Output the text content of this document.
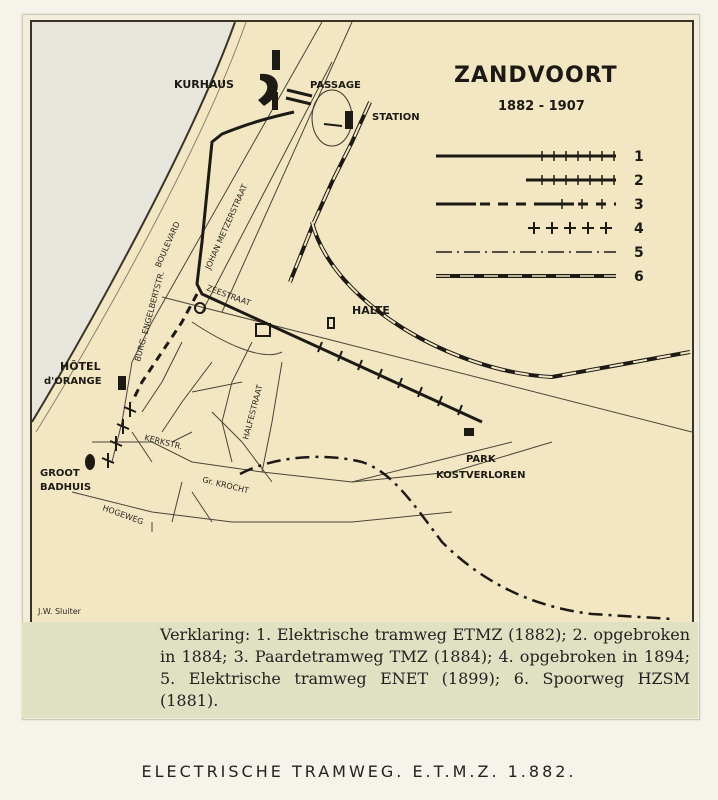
1
2
3
4
5
6
ZANDVOORT
1882 - 1907
KURHAUS	PASSAGE
STATION
HALTE
HÔTEL
d'ORANGE
GROOT
BADHUIS
PARK
KOSTVERLOREN
BOULEVARD	JOHAN METZERSTRAAT
ZEESTRAAT
BURG. ENGELBERTSTR.
HALFESTRAAT
KERKSTR.
Gr. KROCHT
HOGEWEG
J.W. Sluiter

Verklaring: 1. Elektrische tramweg ETMZ (1882); 2. opgebroken in 1884; 3. Paardetramweg TMZ (1884); 4. opgebroken in 1894; 5. Elektrische tramweg ENET (1899); 6. Spoorweg HZSM (1881).

ELECTRISCHE TRAMWEG. E.T.M.Z. 1.882.
